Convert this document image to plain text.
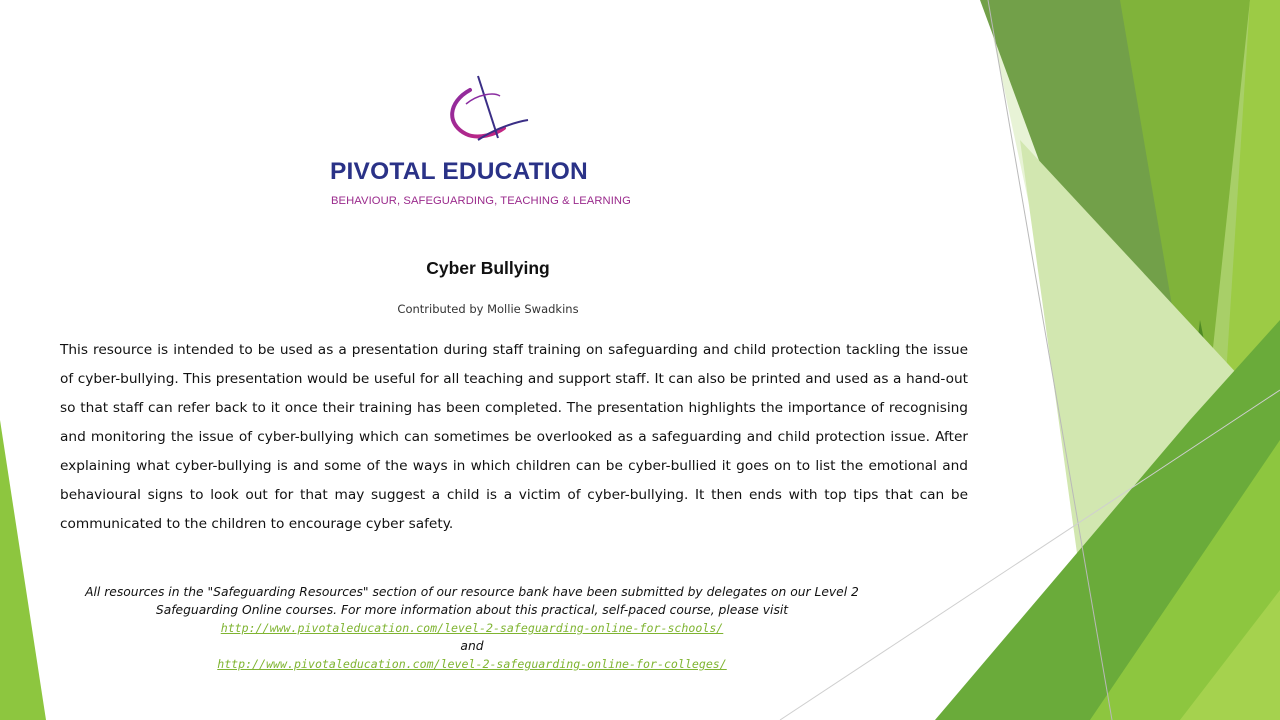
PIVOTAL EDUCATION
BEHAVIOUR, SAFEGUARDING, TEACHING & LEARNING
Cyber Bullying
Contributed by Mollie Swadkins
This resource is intended to be used as a presentation during staff training on safeguarding and child protection tackling the issue of cyber-bullying. This presentation would be useful for all teaching and support staff. It can also be printed and used as a hand-out so that staff can refer back to it once their training has been completed. The presentation highlights the importance of recognising and monitoring the issue of cyber-bullying which can sometimes be overlooked as a safeguarding and child protection issue. After explaining what cyber-bullying is and some of the ways in which children can be cyber-bullied it goes on to list the emotional and behavioural signs to look out for that may suggest a child is a victim of cyber-bullying. It then ends with top tips that can be communicated to the children to encourage cyber safety.
All resources in the "Safeguarding Resources" section of our resource bank have been submitted by delegates on our Level 2 Safeguarding Online courses. For more information about this practical, self-paced course, please visit
http://www.pivotaleducation.com/level-2-safeguarding-online-for-schools/
and
http://www.pivotaleducation.com/level-2-safeguarding-online-for-colleges/
